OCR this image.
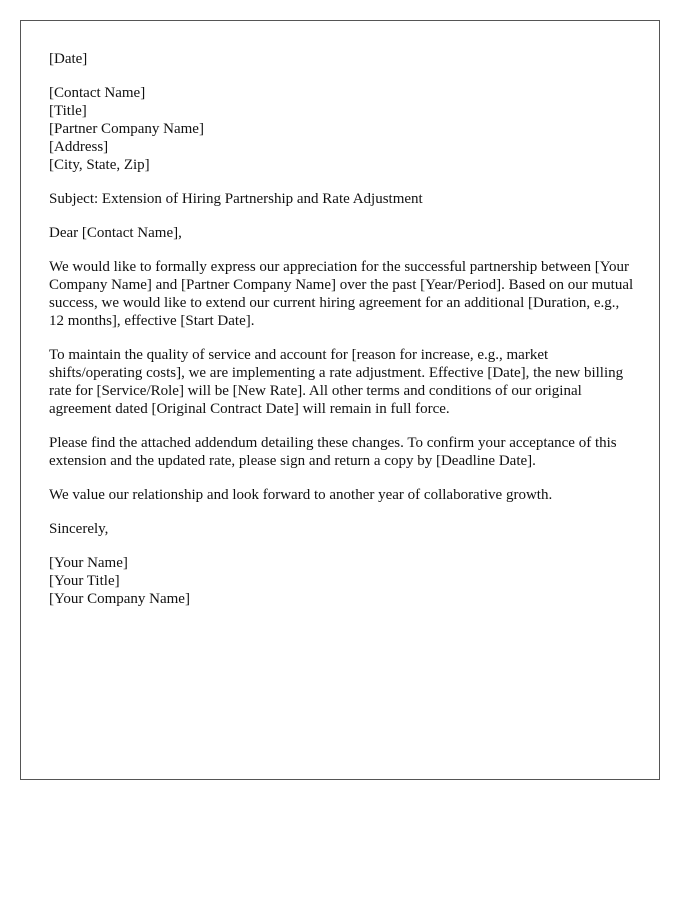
[Date]

[Contact Name]
[Title]
[Partner Company Name]
[Address]
[City, State, Zip]

Subject: Extension of Hiring Partnership and Rate Adjustment

Dear [Contact Name],

We would like to formally express our appreciation for the successful partnership between [Your Company Name] and [Partner Company Name] over the past [Year/Period]. Based on our mutual success, we would like to extend our current hiring agreement for an additional [Duration, e.g., 12 months], effective [Start Date].

To maintain the quality of service and account for [reason for increase, e.g., market shifts/operating costs], we are implementing a rate adjustment. Effective [Date], the new billing rate for [Service/Role] will be [New Rate]. All other terms and conditions of our original agreement dated [Original Contract Date] will remain in full force.

Please find the attached addendum detailing these changes. To confirm your acceptance of this extension and the updated rate, please sign and return a copy by [Deadline Date].

We value our relationship and look forward to another year of collaborative growth.

Sincerely,

[Your Name]
[Your Title]
[Your Company Name]
